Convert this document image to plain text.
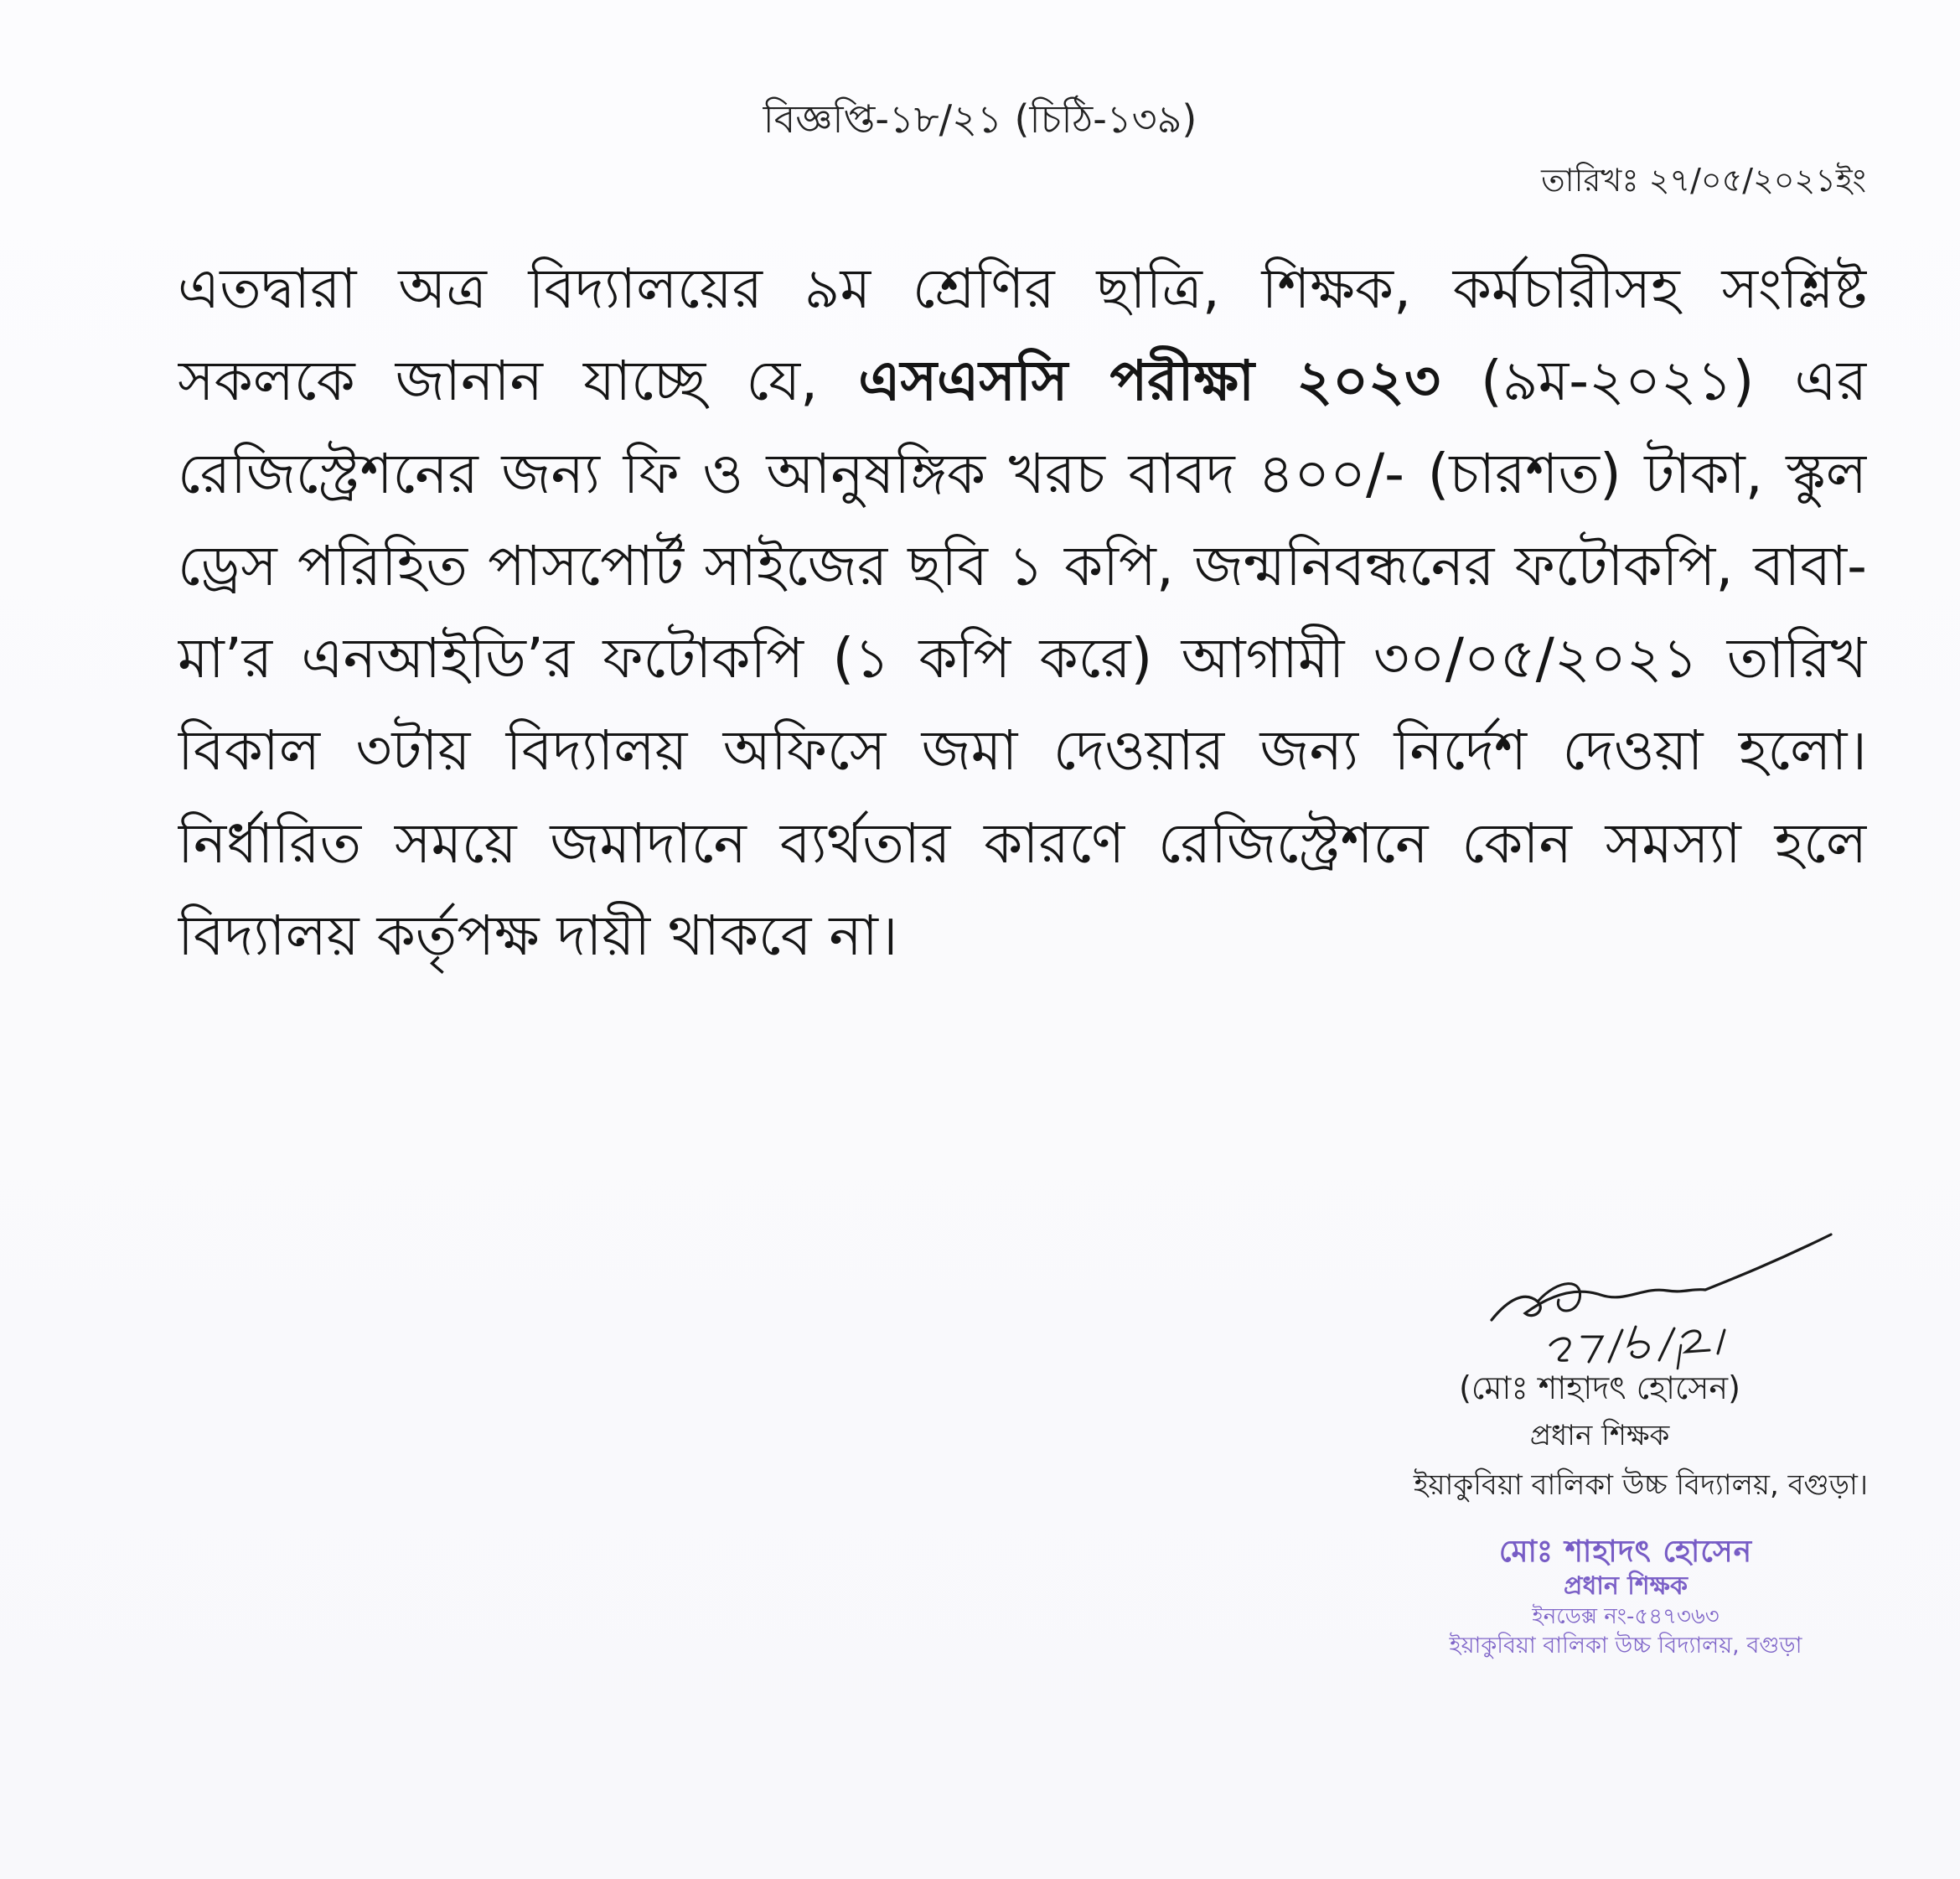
বিজ্ঞপ্তি-১৮/২১ (চিঠি-১৩৯)
তারিখঃ ২৭/০৫/২০২১ইং
এতদ্বারা অত্র বিদ্যালয়ের ৯ম শ্রেণির ছাত্রি, শিক্ষক, কর্মচারীসহ সংশ্লিষ্ট সকলকে জানান যাচ্ছে যে, এসএসসি পরীক্ষা ২০২৩ (৯ম-২০২১) এর রেজিস্ট্রেশনের জন্য ফি ও আনুষঙ্গিক খরচ বাবদ ৪০০/- (চারশত) টাকা, স্কুল ড্রেস পরিহিত পাসপোর্ট সাইজের ছবি ১ কপি, জন্মনিবন্ধনের ফটোকপি, বাবা-মা’র এনআইডি’র ফটোকপি (১ কপি করে) আগামী ৩০/০৫/২০২১ তারিখ বিকাল ৩টায় বিদ্যালয় অফিসে জমা দেওয়ার জন্য নির্দেশ দেওয়া হলো। নির্ধারিত সময়ে জমাদানে ব্যর্থতার কারণে রেজিস্ট্রেশনে কোন সমস্যা হলে বিদ্যালয় কর্তৃপক্ষ দায়ী থাকবে না।
(মোঃ শাহাদৎ হোসেন)
প্রধান শিক্ষক
ইয়াকুবিয়া বালিকা উচ্চ বিদ্যালয়, বগুড়া।
মোঃ শাহাদৎ হোসেন
প্রধান শিক্ষক
ইনডেক্স নং-৫৪৭৩৬৩
ইয়াকুবিয়া বালিকা উচ্চ বিদ্যালয়, বগুড়া
